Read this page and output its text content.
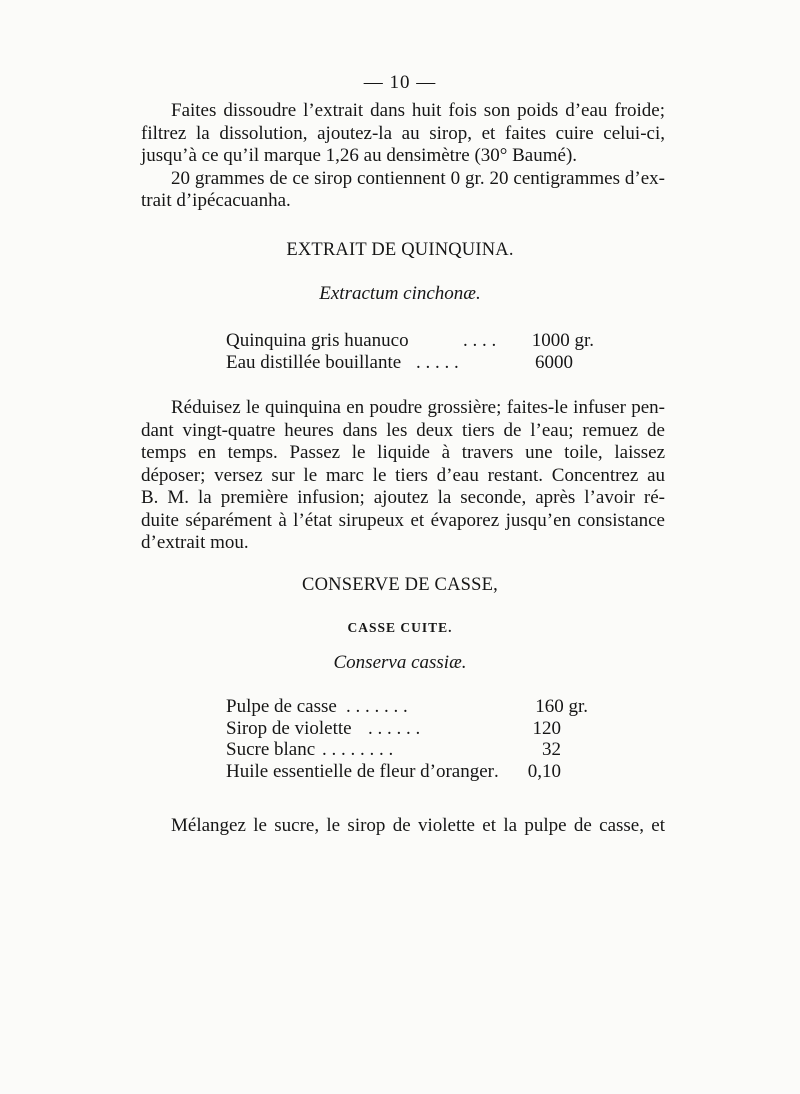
— 10 —

Faites dissoudre l’extrait dans huit fois son poids d’eau froide;
filtrez la dissolution, ajoutez-la au sirop, et faites cuire celui-ci,
jusqu’à ce qu’il marque 1,26 au densimètre (30° Baumé).

20 grammes de ce sirop contiennent 0 gr. 20 centigrammes d’ex-
trait d’ipécacuanha.

EXTRAIT DE QUINQUINA.
Extractum cinchonæ.
Quinquina gris huanuco	. . . . 1000 gr.
Eau distillée bouillante . . . . .	6000

Réduisez le quinquina en poudre grossière; faites-le infuser pen-
dant vingt-quatre heures dans les deux tiers de l’eau; remuez de
temps en temps. Passez le liquide à travers une toile, laissez
déposer; versez sur le marc le tiers d’eau restant. Concentrez au
B. M. la première infusion; ajoutez la seconde, après l’avoir ré-
duite séparément à l’état sirupeux et évaporez jusqu’en consistance
d’extrait mou.

CONSERVE DE CASSE,
CASSE CUITE.
Conserva cassiæ.
Pulpe de casse . . . . . . .	160 gr.
Sirop de violette . . . . . .	120
Sucre blanc . . . . . . . .	32
Huile essentielle de fleur d’oranger . 0,10

Mélangez le sucre, le sirop de violette et la pulpe de casse, et
